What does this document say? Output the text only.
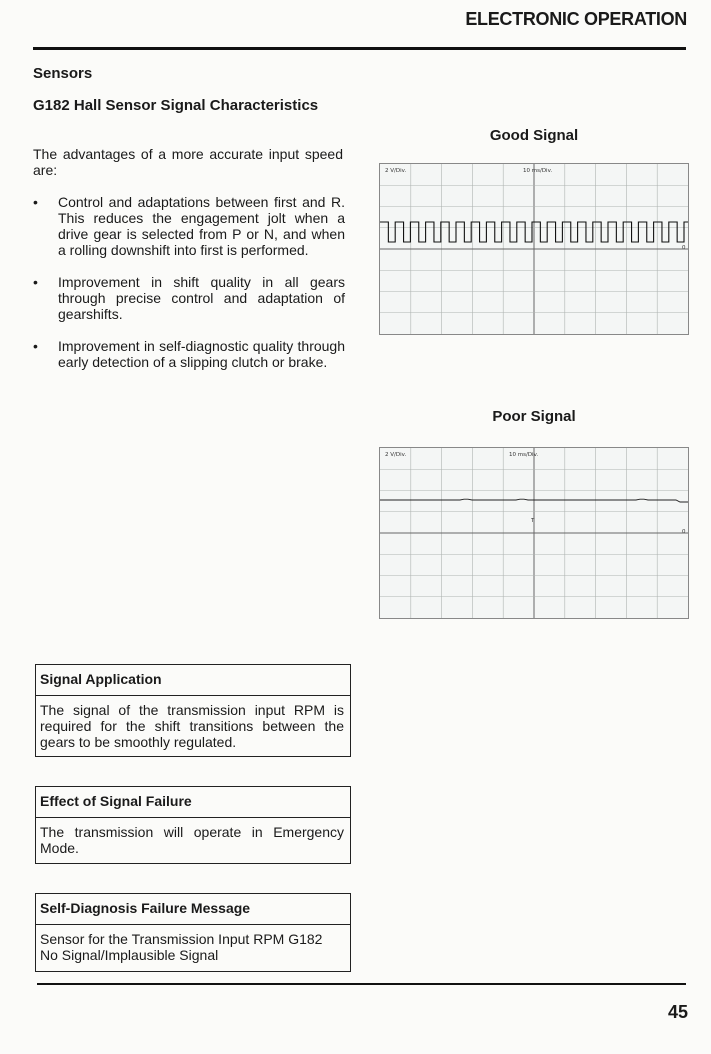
ELECTRONIC OPERATION
Sensors
G182 Hall Sensor Signal Characteristics
The advantages of a more accurate input speed are:
• Control and adaptations between first and R. This reduces the engagement jolt when a drive gear is selected from P or N, and when a rolling downshift into first is performed.
• Improvement in shift quality in all gears through precise control and adaptation of gearshifts.
• Improvement in self-diagnostic quality through early detection of a slipping clutch or brake.
Good Signal
2 V/Div.	10 ms/Div.
0
Poor Signal
2 V/Div.	10 ms/Div.
T
0
Signal Application
The signal of the transmission input RPM is required for the shift transitions between the gears to be smoothly regulated.
Effect of Signal Failure
The transmission will operate in Emergency Mode.
Self-Diagnosis Failure Message
Sensor for the Transmission Input RPM G182
No Signal/Implausible Signal
45
